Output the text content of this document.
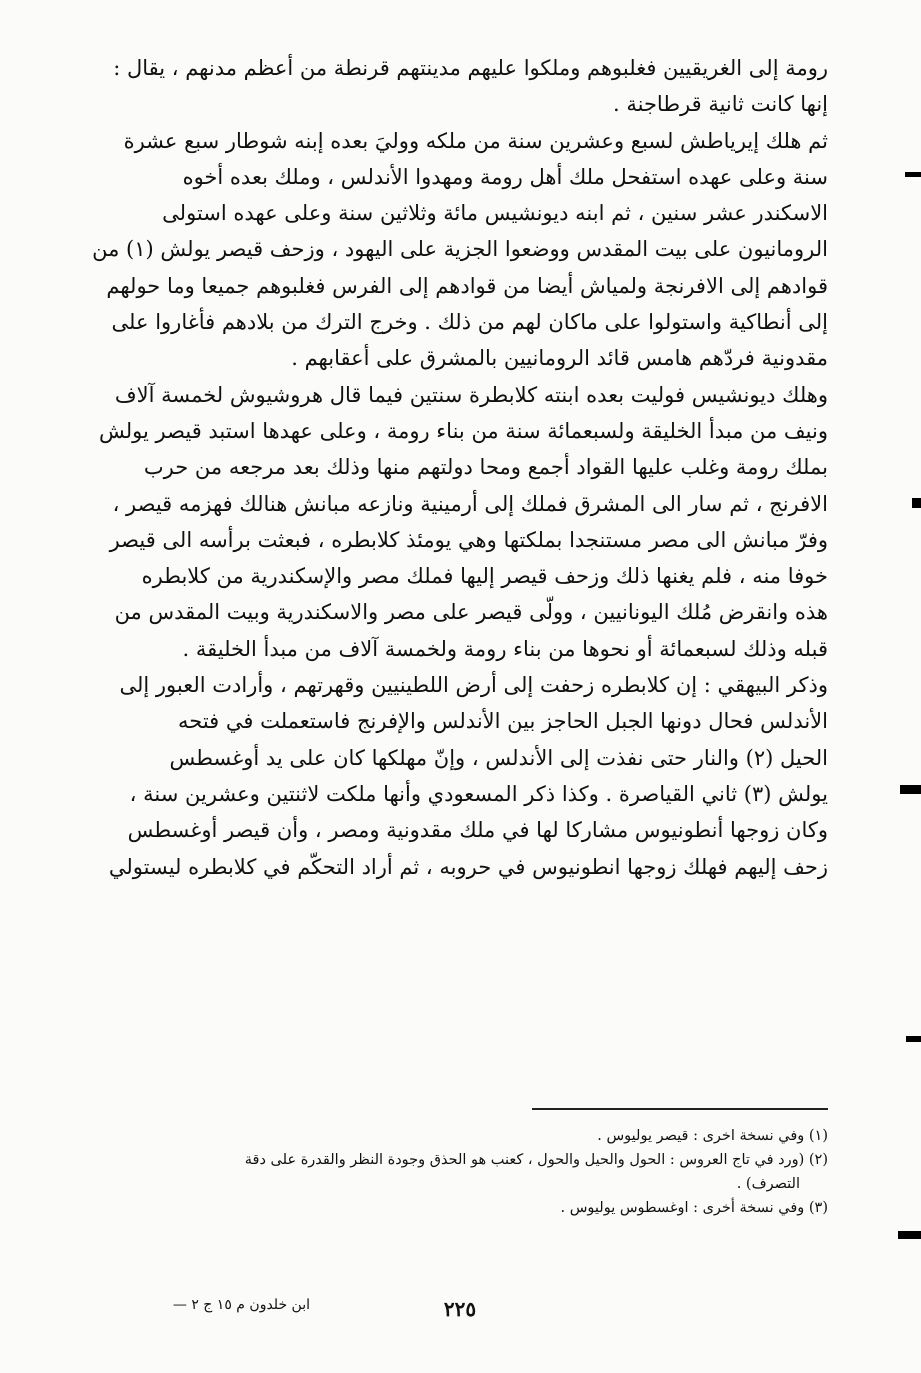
رومة إلى الغريقيين فغلبوهم وملكوا عليهم مدينتهم قرنطة من أعظم مدنهم ، يقال :
إنها كانت ثانية قرطاجنة .
ثم هلك إيرياطش لسبع وعشرين سنة من ملكه ووليَ بعده إبنه شوطار سبع عشرة
سنة وعلى عهده استفحل ملك أهل رومة ومهدوا الأندلس ، وملك بعده أخوه
الاسكندر عشر سنين ، ثم ابنه ديونشيس مائة وثلاثين سنة وعلى عهده استولى
الرومانيون على بيت المقدس ووضعوا الجزية على اليهود ، وزحف قيصر يولش (١) من
قوادهم إلى الافرنجة ولمياش أيضا من قوادهم إلى الفرس فغلبوهم جميعا وما حولهم
إلى أنطاكية واستولوا على ماكان لهم من ذلك . وخرج الترك من بلادهم فأغاروا على
مقدونية فردّهم هامس قائد الرومانيين بالمشرق على أعقابهم .
وهلك ديونشيس فوليت بعده ابنته كلابطرة سنتين فيما قال هروشيوش لخمسة آلاف
ونيف من مبدأ الخليقة ولسبعمائة سنة من بناء رومة ، وعلى عهدها استبد قيصر يولش
بملك رومة وغلب عليها القواد أجمع ومحا دولتهم منها وذلك بعد مرجعه من حرب
الافرنج ، ثم سار الى المشرق فملك إلى أرمينية ونازعه مبانش هنالك فهزمه قيصر ،
وفرّ مبانش الى مصر مستنجدا بملكتها وهي يومئذ كلابطره ، فبعثت برأسه الى قيصر
خوفا منه ، فلم يغنها ذلك وزحف قيصر إليها فملك مصر والإسكندرية من كلابطره
هذه وانقرض مُلك اليونانيين ، وولّى قيصر على مصر والاسكندرية وبيت المقدس من
قبله وذلك لسبعمائة أو نحوها من بناء رومة ولخمسة آلاف من مبدأ الخليقة .
وذكر البيهقي : إن كلابطره زحفت إلى أرض اللطينيين وقهرتهم ، وأرادت العبور إلى
الأندلس فحال دونها الجبل الحاجز بين الأندلس والإفرنج فاستعملت في فتحه
الحيل (٢) والنار حتى نفذت إلى الأندلس ، وإنّ مهلكها كان على يد أوغسطس
يولش (٣) ثاني القياصرة . وكذا ذكر المسعودي وأنها ملكت لاثنتين وعشرين سنة ،
وكان زوجها أنطونيوس مشاركا لها في ملك مقدونية ومصر ، وأن قيصر أوغسطس
زحف إليهم فهلك زوجها انطونيوس في حروبه ، ثم أراد التحكّم في كلابطره ليستولي
(١) وفي نسخة اخرى : قيصر يوليوس .
(٢) (ورد في تاج العروس : الحول والحيل والحول ، كعنب هو الحذق وجودة النظر والقدرة على دقة
التصرف) .
(٣) وفي نسخة أخرى : اوغسطوس يوليوس .
٢٢٥
ابن خلدون م ١٥ ج ٢ —
